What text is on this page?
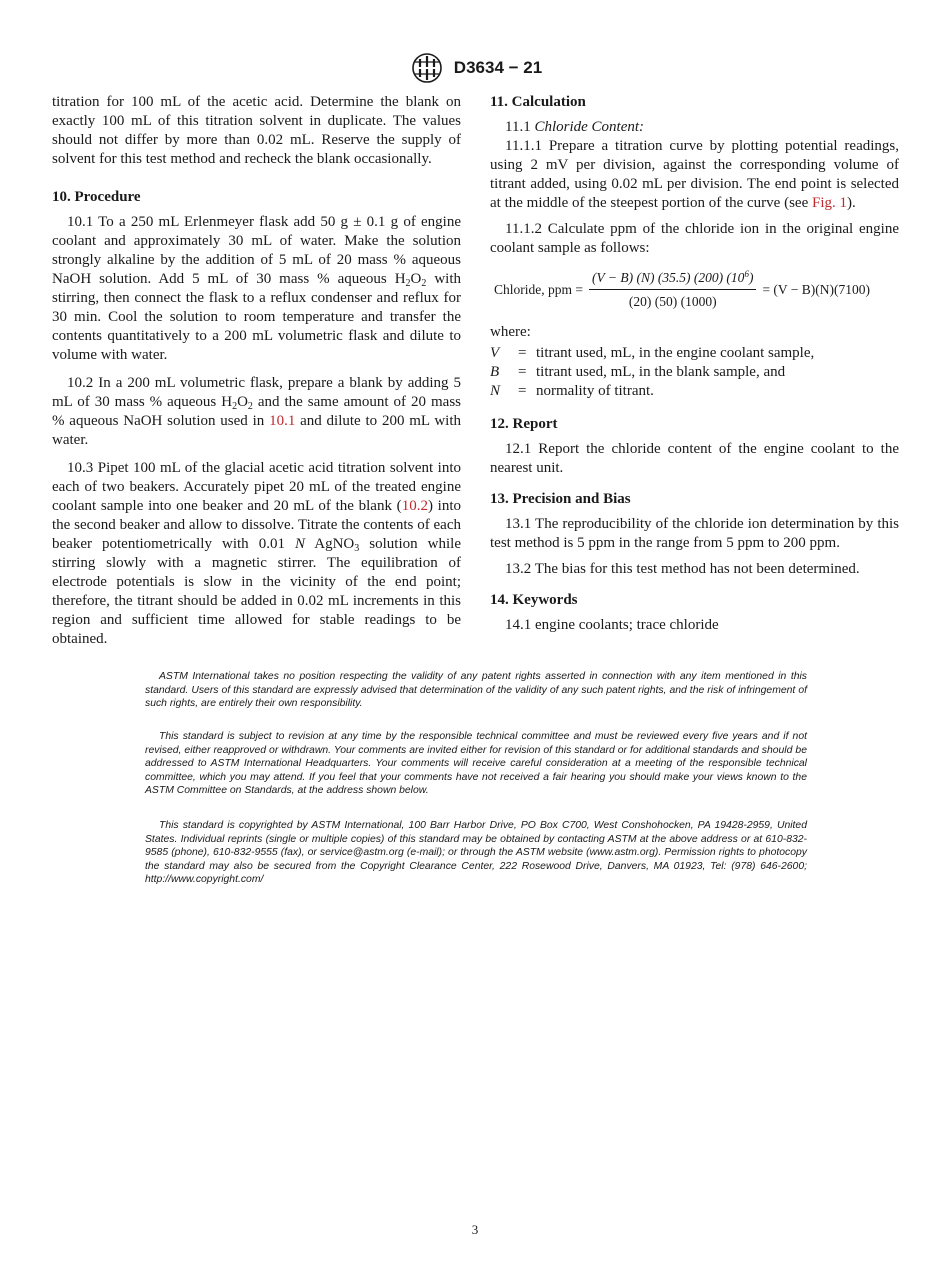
D3634 − 21

titration for 100 mL of the acetic acid. Determine the blank on exactly 100 mL of this titration solvent in duplicate. The values should not differ by more than 0.02 mL. Reserve the supply of solvent for this test method and recheck the blank occasionally.

10. Procedure

10.1 To a 250 mL Erlenmeyer flask add 50 g ± 0.1 g of engine coolant and approximately 30 mL of water. Make the solution strongly alkaline by the addition of 5 mL of 20 mass % aqueous NaOH solution. Add 5 mL of 30 mass % aqueous $H_2O_2$ with stirring, then connect the flask to a reflux condenser and reflux for 30 min. Cool the solution to room temperature and transfer the contents quantitatively to a 200 mL volumetric flask and dilute to volume with water.

10.2 In a 200 mL volumetric flask, prepare a blank by adding 5 mL of 30 mass % aqueous $H_2O_2$ and the same amount of 20 mass % aqueous NaOH solution used in 10.1 and dilute to 200 mL with water.

10.3 Pipet 100 mL of the glacial acetic acid titration solvent into each of two beakers. Accurately pipet 20 mL of the treated engine coolant sample into one beaker and 20 mL of the blank (10.2) into the second beaker and allow to dissolve. Titrate the contents of each beaker potentiometrically with 0.01 N AgNO$_3$ solution while stirring slowly with a magnetic stirrer. The equilibration of electrode potentials is slow in the vicinity of the end point; therefore, the titrant should be added in 0.02 mL increments in this region and sufficient time allowed for stable readings to be obtained.

11. Calculation

11.1 Chloride Content:

11.1.1 Prepare a titration curve by plotting potential readings, using 2 mV per division, against the corresponding volume of titrant added, using 0.02 mL per division. The end point is selected at the middle of the steepest portion of the curve (see Fig. 1).

11.1.2 Calculate ppm of the chloride ion in the original engine coolant sample as follows:

Chloride, ppm = $\frac{(V - B) (N) (35.5) (200) (10^6)}{(20) (50) (1000)} = (V - B)(N)(7100)$

where:

V	= titrant used, mL, in the engine coolant sample,
B	= titrant used, mL, in the blank sample, and
N	= normality of titrant.

12. Report

12.1 Report the chloride content of the engine coolant to the nearest unit.

13. Precision and Bias

13.1 The reproducibility of the chloride ion determination by this test method is 5 ppm in the range from 5 ppm to 200 ppm.

13.2 The bias for this test method has not been determined.

14. Keywords

14.1 engine coolants; trace chloride

ASTM International takes no position respecting the validity of any patent rights asserted in connection with any item mentioned in this standard. Users of this standard are expressly advised that determination of the validity of any such patent rights, and the risk of infringement of such rights, are entirely their own responsibility.

This standard is subject to revision at any time by the responsible technical committee and must be reviewed every five years and if not revised, either reapproved or withdrawn. Your comments are invited either for revision of this standard or for additional standards and should be addressed to ASTM International Headquarters. Your comments will receive careful consideration at a meeting of the responsible technical committee, which you may attend. If you feel that your comments have not received a fair hearing you should make your views known to the ASTM Committee on Standards, at the address shown below.

This standard is copyrighted by ASTM International, 100 Barr Harbor Drive, PO Box C700, West Conshohocken, PA 19428-2959, United States. Individual reprints (single or multiple copies) of this standard may be obtained by contacting ASTM at the above address or at 610-832-9585 (phone), 610-832-9555 (fax), or service@astm.org (e-mail); or through the ASTM website (www.astm.org). Permission rights to photocopy the standard may also be secured from the Copyright Clearance Center, 222 Rosewood Drive, Danvers, MA 01923, Tel: (978) 646-2600; http://www.copyright.com/

3
